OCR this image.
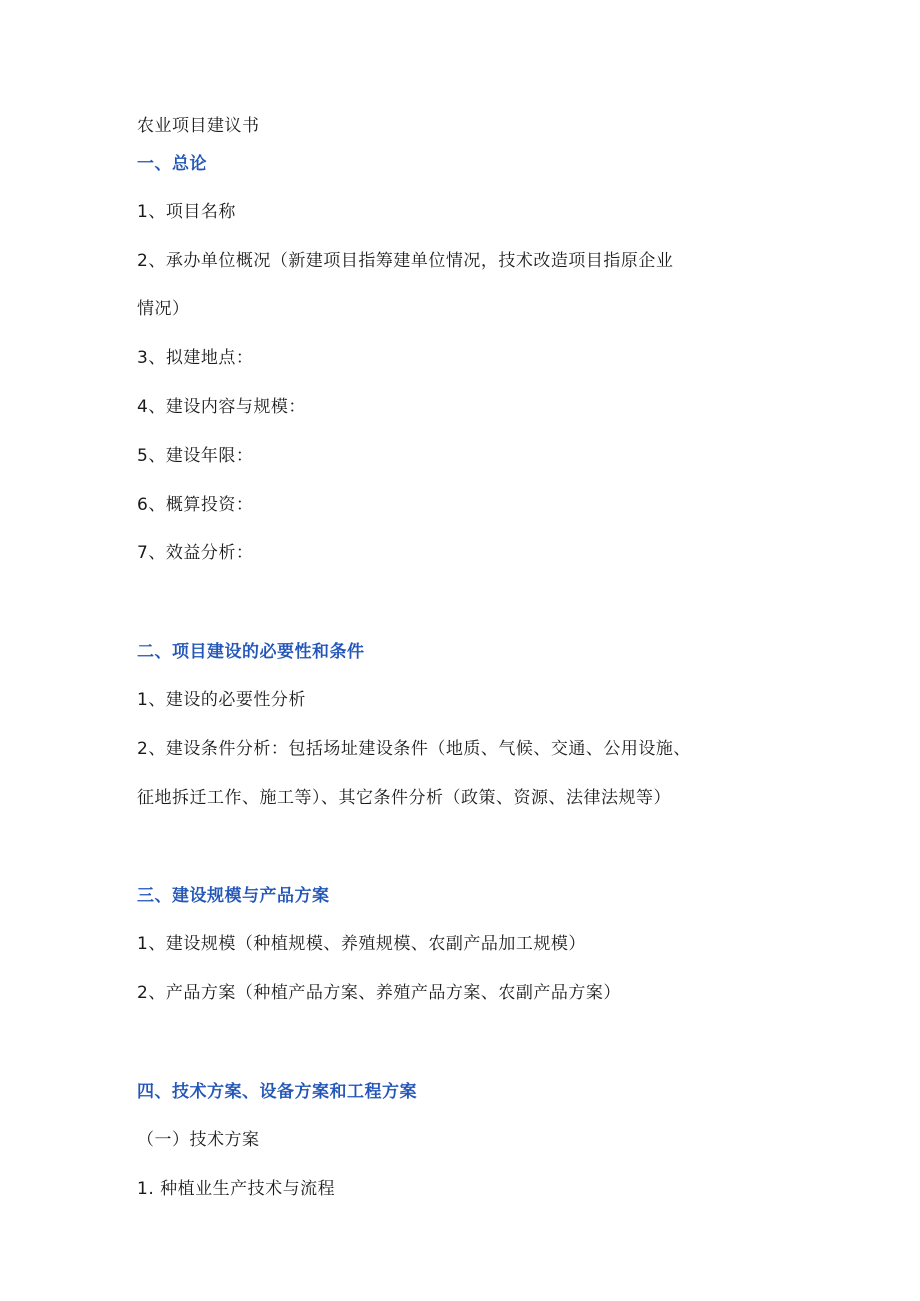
农业项目建议书
一、总论
1、项目名称
2、承办单位概况（新建项目指筹建单位情况，技术改造项目指原企业
情况）
3、拟建地点：
4、建设内容与规模：
5、建设年限：
6、概算投资：
7、效益分析：
二、项目建设的必要性和条件
1、建设的必要性分析
2、建设条件分析：包括场址建设条件（地质、气候、交通、公用设施、
征地拆迁工作、施工等）、其它条件分析（政策、资源、法律法规等）
三、建设规模与产品方案
1、建设规模（种植规模、养殖规模、农副产品加工规模）
2、产品方案（种植产品方案、养殖产品方案、农副产品方案）
四、技术方案、设备方案和工程方案
（一）技术方案
1. 种植业生产技术与流程
